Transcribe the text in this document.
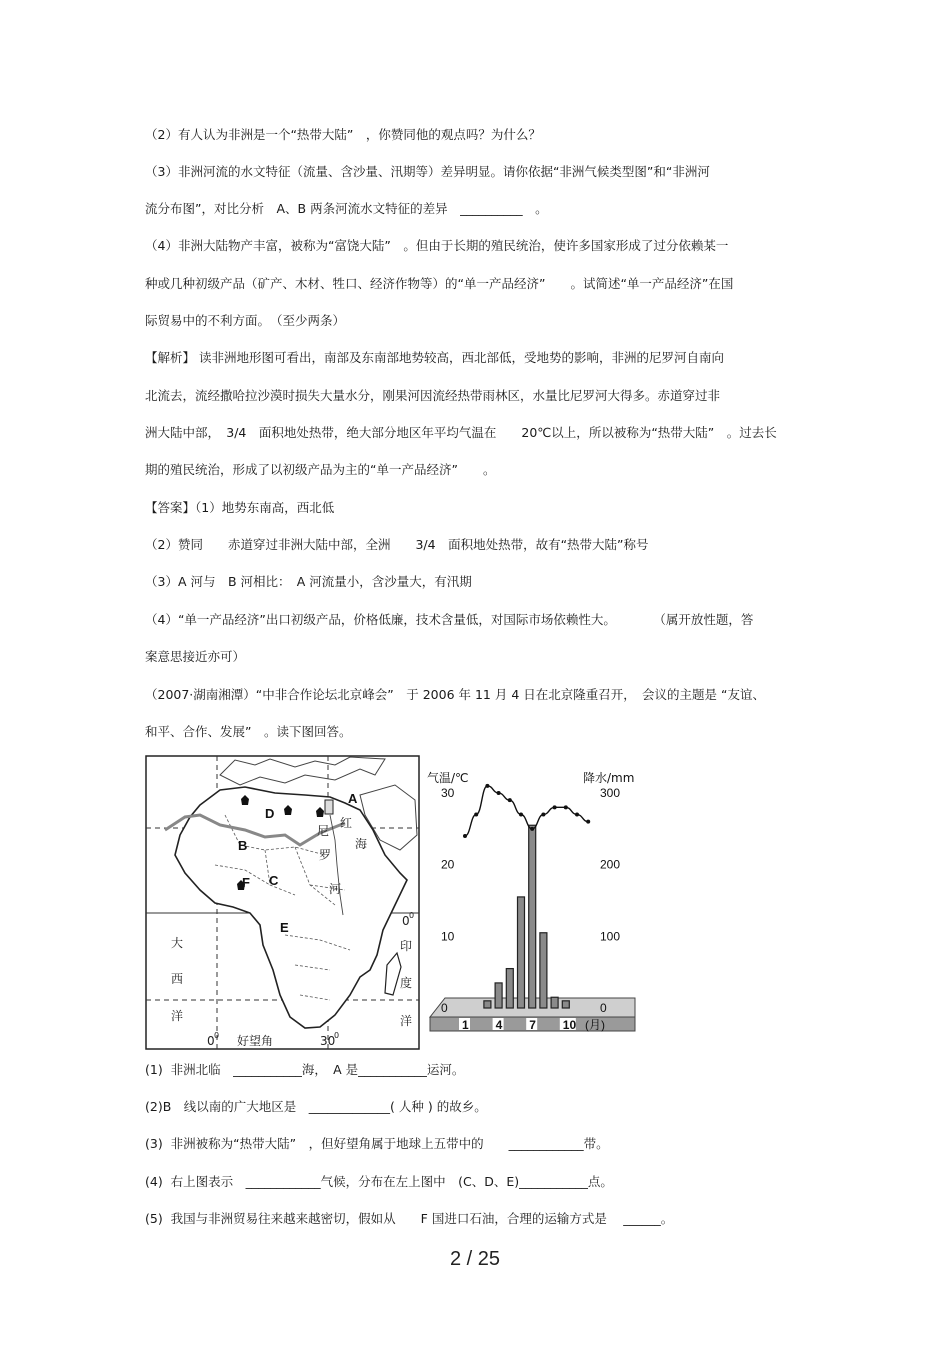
（2）有人认为非洲是一个“热带大陆”　，你赞同他的观点吗？为什么？
（3）非洲河流的水文特征（流量、含沙量、汛期等）差异明显。请你依据“非洲气候类型图”和“非洲河
流分布图”，对比分析　A、B 两条河流水文特征的差异　__________　。
（4）非洲大陆物产丰富，被称为“富饶大陆”　。但由于长期的殖民统治，使许多国家形成了过分依赖某一
种或几种初级产品（矿产、木材、牲口、经济作物等）的“单一产品经济”　　。试简述“单一产品经济”在国
际贸易中的不利方面。　（至少两条）
【解析】 读非洲地形图可看出，南部及东南部地势较高，西北部低，受地势的影响，非洲的尼罗河自南向
北流去，流经撒哈拉沙漠时损失大量水分，刚果河因流经热带雨林区，水量比尼罗河大得多。赤道穿过非
洲大陆中部，　3/4　面积地处热带，绝大部分地区年平均气温在　　20℃以上，所以被称为“热带大陆”　。过去长
期的殖民统治，形成了以初级产品为主的“单一产品经济”　　。
【答案】（1）地势东南高，西北低
（2）赞同　　赤道穿过非洲大陆中部，全洲　　3/4　面积地处热带，故有“热带大陆”称号
（3）A 河与　B 河相比：　A 河流量小，含沙量大，有汛期
（4）“单一产品经济”出口初级产品，价格低廉，技术含量低，对国际市场依赖性大。　　　　（属开放性题，答
案意思接近亦可）
（2007·湖南湘潭）“中非合作论坛北京峰会”　于 2006 年 11 月 4 日在北京隆重召开，　会议的主题是 “友谊、
和平、合作、发展”　。读下图回答。
A
D
B
F C
E
红
海
尼
罗
河
大
西
洋
印
度
洋
0 0
0 0	30
0
好望角
气温/℃	降水/mm
0
10
20
30
0
100
200
300
1 4 7 10 (月)
(1)  非洲北临　___________海，　A 是___________运河。
(2)B　线以南的广大地区是　_____________( 人种 ) 的故乡。
(3)  非洲被称为“热带大陆”　，但好望角属于地球上五带中的　　____________带。
(4)  右上图表示　____________气候，分布在左上图中　(C、D、E)___________点。
(5)  我国与非洲贸易往来越来越密切，假如从　　F 国进口石油，合理的运输方式是　 ______。
2 / 25
